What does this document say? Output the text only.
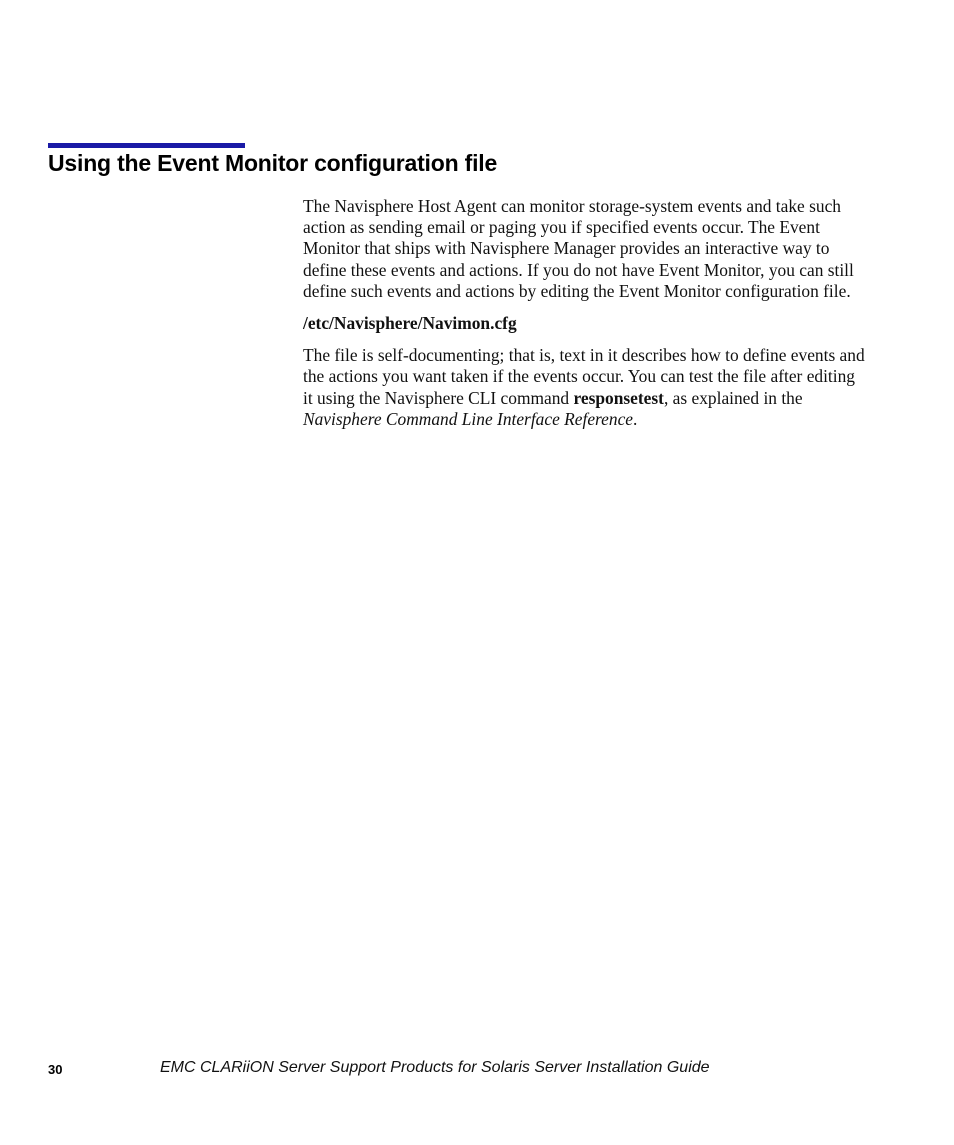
Using the Event Monitor configuration file

The Navisphere Host Agent can monitor storage-system events and take such action as sending email or paging you if specified events occur. The Event Monitor that ships with Navisphere Manager provides an interactive way to define these events and actions. If you do not have Event Monitor, you can still define such events and actions by editing the Event Monitor configuration file.

/etc/Navisphere/Navimon.cfg

The file is self-documenting; that is, text in it describes how to define events and the actions you want taken if the events occur. You can test the file after editing it using the Navisphere CLI command responsetest, as explained in the Navisphere Command Line Interface Reference.

30	EMC CLARiiON Server Support Products for Solaris Server Installation Guide
